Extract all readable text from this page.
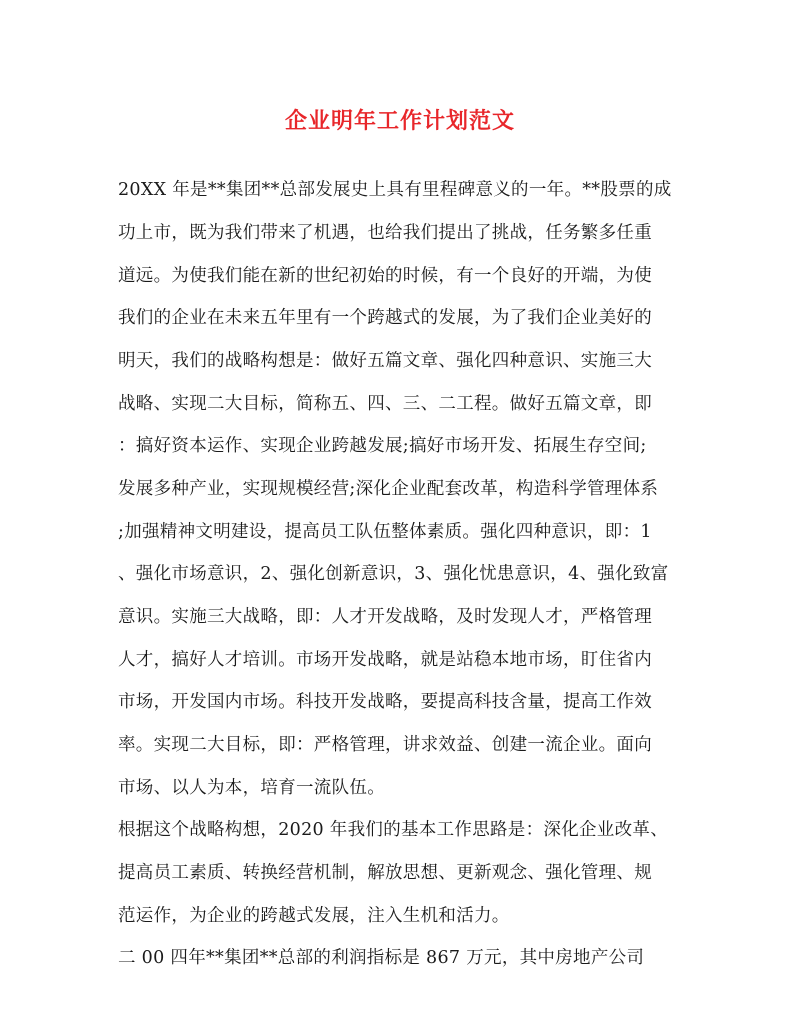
企业明年工作计划范文
20XX 年是**集团**总部发展史上具有里程碑意义的一年。**股票的成
功上市，既为我们带来了机遇，也给我们提出了挑战，任务繁多任重
道远。为使我们能在新的世纪初始的时候，有一个良好的开端，为使
我们的企业在未来五年里有一个跨越式的发展，为了我们企业美好的
明天，我们的战略构想是：做好五篇文章、强化四种意识、实施三大
战略、实现二大目标，简称五、四、三、二工程。做好五篇文章，即
：搞好资本运作、实现企业跨越发展;搞好市场开发、拓展生存空间;
发展多种产业，实现规模经营;深化企业配套改革，构造科学管理体系
;加强精神文明建设，提高员工队伍整体素质。强化四种意识，即：1
、强化市场意识，2、强化创新意识，3、强化忧患意识，4、强化致富
意识。实施三大战略，即：人才开发战略，及时发现人才，严格管理
人才，搞好人才培训。市场开发战略，就是站稳本地市场，盯住省内
市场，开发国内市场。科技开发战略，要提高科技含量，提高工作效
率。实现二大目标，即：严格管理，讲求效益、创建一流企业。面向
市场、以人为本，培育一流队伍。
根据这个战略构想，2020 年我们的基本工作思路是：深化企业改革、
提高员工素质、转换经营机制，解放思想、更新观念、强化管理、规
范运作，为企业的跨越式发展，注入生机和活力。
二 00 四年**集团**总部的利润指标是 867 万元，其中房地产公司
